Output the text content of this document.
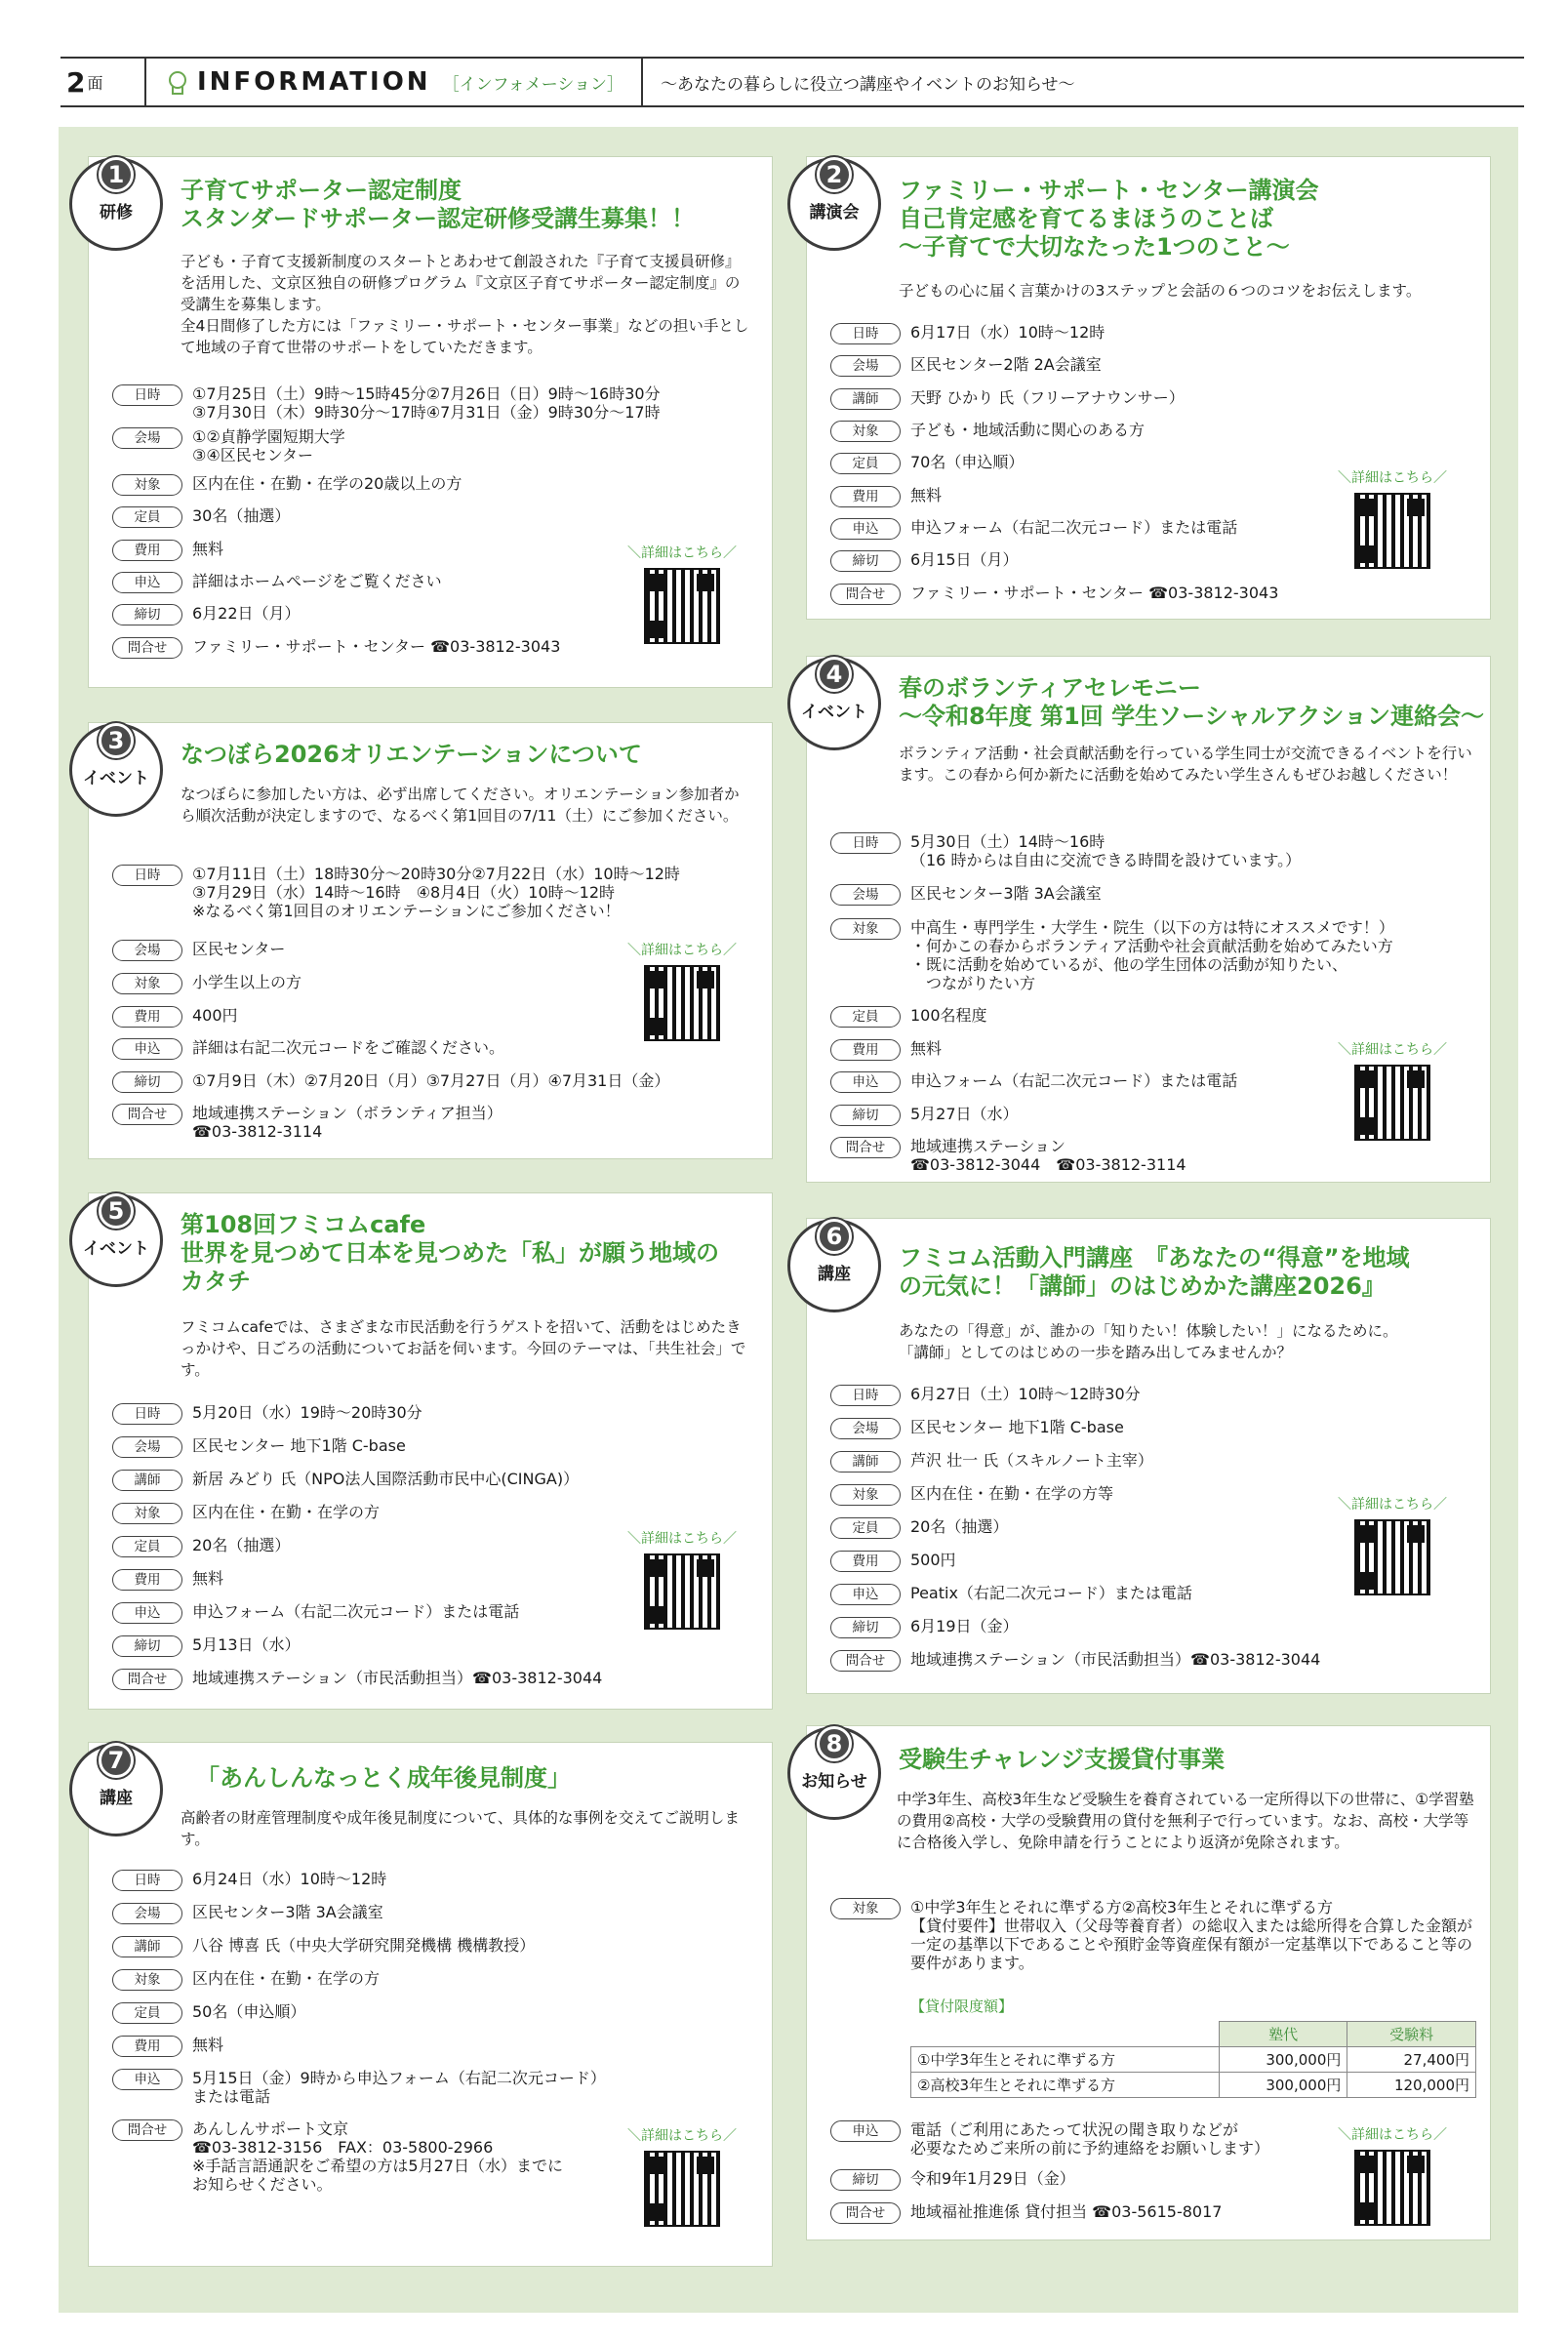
2 面	INFORMATION ［インフォメーション］	～あなたの暮らしに役立つ講座やイベントのお知らせ～
1
研修
子育てサポーター認定制度
スタンダードサポーター認定研修受講生募集！！
子ども・子育て支援新制度のスタートとあわせて創設された『子育て支援員研修』を活用した、文京区独自の研修プログラム『文京区子育てサポーター認定制度』の受講生を募集します。
全4日間修了した方には「ファミリー・サポート・センター事業」などの担い手として地域の子育て世帯のサポートをしていただきます。
日時	①7月25日（土）9時～15時45分②7月26日（日）9時～16時30分
③7月30日（木）9時30分～17時④7月31日（金）9時30分～17時
会場	①②貞静学園短期大学
③④区民センター
対象	区内在住・在勤・在学の20歳以上の方
定員	30名（抽選）
費用	無料
申込	詳細はホームページをご覧ください
締切	6月22日（月）
問合せ	ファミリー・サポート・センター ☎03-3812-3043
＼詳細はこちら／
2
講演会
ファミリー・サポート・センター講演会
自己肯定感を育てるまほうのことば
～子育てで大切なたった1つのこと～
子どもの心に届く言葉かけの3ステップと会話の６つのコツをお伝えします。
日時	6月17日（水）10時～12時
会場	区民センター2階 2A会議室
講師	天野 ひかり 氏（フリーアナウンサー）
対象	子ども・地域活動に関心のある方
定員	70名（申込順）
費用	無料
申込	申込フォーム（右記二次元コード）または電話
締切	6月15日（月）
問合せ	ファミリー・サポート・センター ☎03-3812-3043
＼詳細はこちら／
3
イベント
なつぼら2026オリエンテーションについて
なつぼらに参加したい方は、必ず出席してください。オリエンテーション参加者から順次活動が決定しますので、なるべく第1回目の7/11（土）にご参加ください。
日時	①7月11日（土）18時30分～20時30分②7月22日（水）10時～12時
③7月29日（水）14時～16時　④8月4日（火）10時～12時
※なるべく第1回目のオリエンテーションにご参加ください！
会場	区民センター
対象	小学生以上の方
費用	400円
申込	詳細は右記二次元コードをご確認ください。
締切	①7月9日（木）②7月20日（月）③7月27日（月）④7月31日（金）
問合せ	地域連携ステーション（ボランティア担当）
☎03-3812-3114
＼詳細はこちら／
4
イベント
春のボランティアセレモニー
～令和8年度 第1回 学生ソーシャルアクション連絡会～
ボランティア活動・社会貢献活動を行っている学生同士が交流できるイベントを行います。この春から何か新たに活動を始めてみたい学生さんもぜひお越しください！
日時	5月30日（土）14時～16時
（16 時からは自由に交流できる時間を設けています。）
会場	区民センター3階 3A会議室
対象	中高生・専門学生・大学生・院生（以下の方は特にオススメです！）
・何かこの春からボランティア活動や社会貢献活動を始めてみたい方
・既に活動を始めているが、他の学生団体の活動が知りたい、
　つながりたい方
定員	100名程度
費用	無料
申込	申込フォーム（右記二次元コード）または電話
締切	5月27日（水）
問合せ	地域連携ステーション
☎03-3812-3044　☎03-3812-3114
＼詳細はこちら／
5
イベント
第108回フミコムcafe
世界を見つめて日本を見つめた「私」が願う地域の
カタチ
フミコムcafeでは、さまざまな市民活動を行うゲストを招いて、活動をはじめたきっかけや、日ごろの活動についてお話を伺います。今回のテーマは、「共生社会」です。
日時	5月20日（水）19時～20時30分
会場	区民センター 地下1階 C-base
講師	新居 みどり 氏（NPO法人国際活動市民中心(CINGA)）
対象	区内在住・在勤・在学の方
定員	20名（抽選）
費用	無料
申込	申込フォーム（右記二次元コード）または電話
締切	5月13日（水）
問合せ	地域連携ステーション（市民活動担当）☎03-3812-3044
＼詳細はこちら／
6
講座
フミコム活動入門講座　『あなたの“得意”を地域
の元気に！「講師」のはじめかた講座2026』
あなたの「得意」が、誰かの「知りたい！体験したい！」になるために。
「講師」としてのはじめの一歩を踏み出してみませんか？
日時	6月27日（土）10時～12時30分
会場	区民センター 地下1階 C-base
講師	芦沢 壮一 氏（スキルノート主宰）
対象	区内在住・在勤・在学の方等
定員	20名（抽選）
費用	500円
申込	Peatix（右記二次元コード）または電話
締切	6月19日（金）
問合せ	地域連携ステーション（市民活動担当）☎03-3812-3044
＼詳細はこちら／
7
講座
「あんしんなっとく成年後見制度」
高齢者の財産管理制度や成年後見制度について、具体的な事例を交えてご説明します。
日時	6月24日（水）10時～12時
会場	区民センター3階 3A会議室
講師	八谷 博喜 氏（中央大学研究開発機構 機構教授）
対象	区内在住・在勤・在学の方
定員	50名（申込順）
費用	無料
申込	5月15日（金）9時から申込フォーム（右記二次元コード）
または電話
問合せ	あんしんサポート文京
☎03-3812-3156　FAX：03-5800-2966
※手話言語通訳をご希望の方は5月27日（水）までに
お知らせください。
＼詳細はこちら／
8
お知らせ
受験生チャレンジ支援貸付事業
中学3年生、高校3年生など受験生を養育されている一定所得以下の世帯に、①学習塾の費用②高校・大学の受験費用の貸付を無利子で行っています。なお、高校・大学等に合格後入学し、免除申請を行うことにより返済が免除されます。
対象	①中学3年生とそれに準ずる方②高校3年生とそれに準ずる方
【貸付要件】世帯収入（父母等養育者）の総収入または総所得を合算した金額が一定の基準以下であることや預貯金等資産保有額が一定基準以下であること等の要件があります。
【貸付限度額】
	塾代	受験料
①中学3年生とそれに準ずる方	300,000円	27,400円
②高校3年生とそれに準ずる方	300,000円	120,000円
申込	電話（ご利用にあたって状況の聞き取りなどが
必要なためご来所の前に予約連絡をお願いします）
締切	令和9年1月29日（金）
問合せ	地域福祉推進係 貸付担当 ☎03-5615-8017
＼詳細はこちら／
